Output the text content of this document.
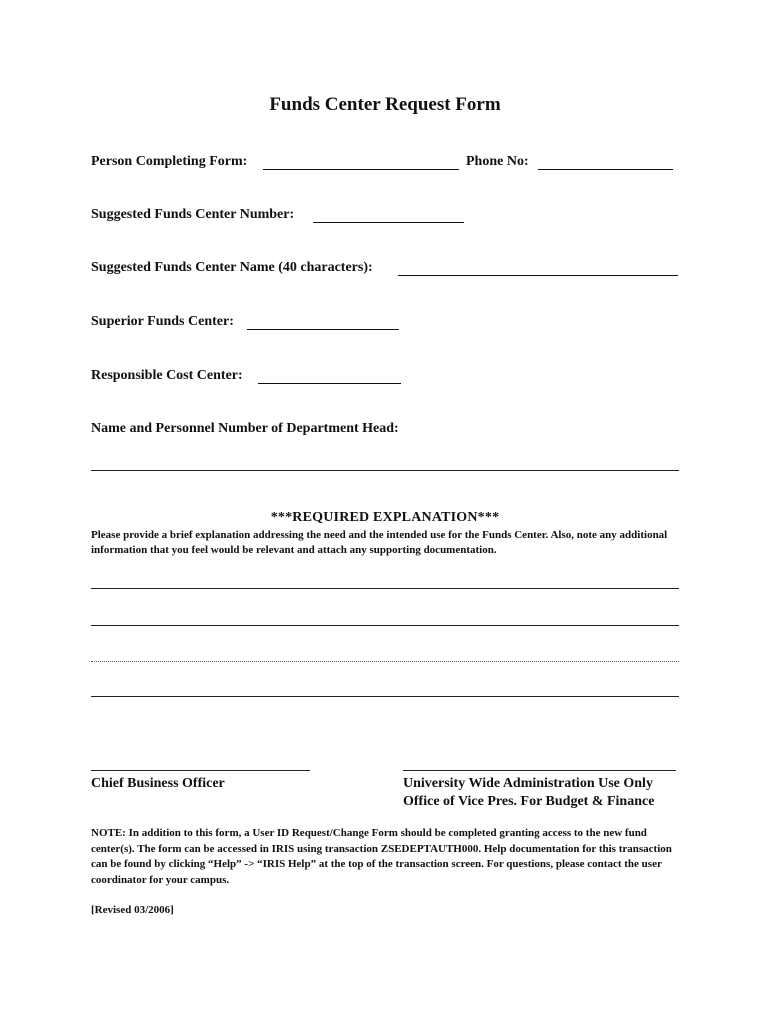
Funds Center Request Form
Person Completing Form:	Phone No:
Suggested Funds Center Number:
Suggested Funds Center Name (40 characters):
Superior Funds Center:
Responsible Cost Center:
Name and Personnel Number of Department Head:
***REQUIRED EXPLANATION***
Please provide a brief explanation addressing the need and the intended use for the Funds Center. Also, note any additional information that you feel would be relevant and attach any supporting documentation.
Chief Business Officer	University Wide Administration Use Only
Office of Vice Pres. For Budget & Finance
NOTE: In addition to this form, a User ID Request/Change Form should be completed granting access to the new fund center(s). The form can be accessed in IRIS using transaction ZSEDEPTAUTH000. Help documentation for this transaction can be found by clicking “Help” -> “IRIS Help” at the top of the transaction screen. For questions, please contact the user coordinator for your campus.
[Revised 03/2006]
